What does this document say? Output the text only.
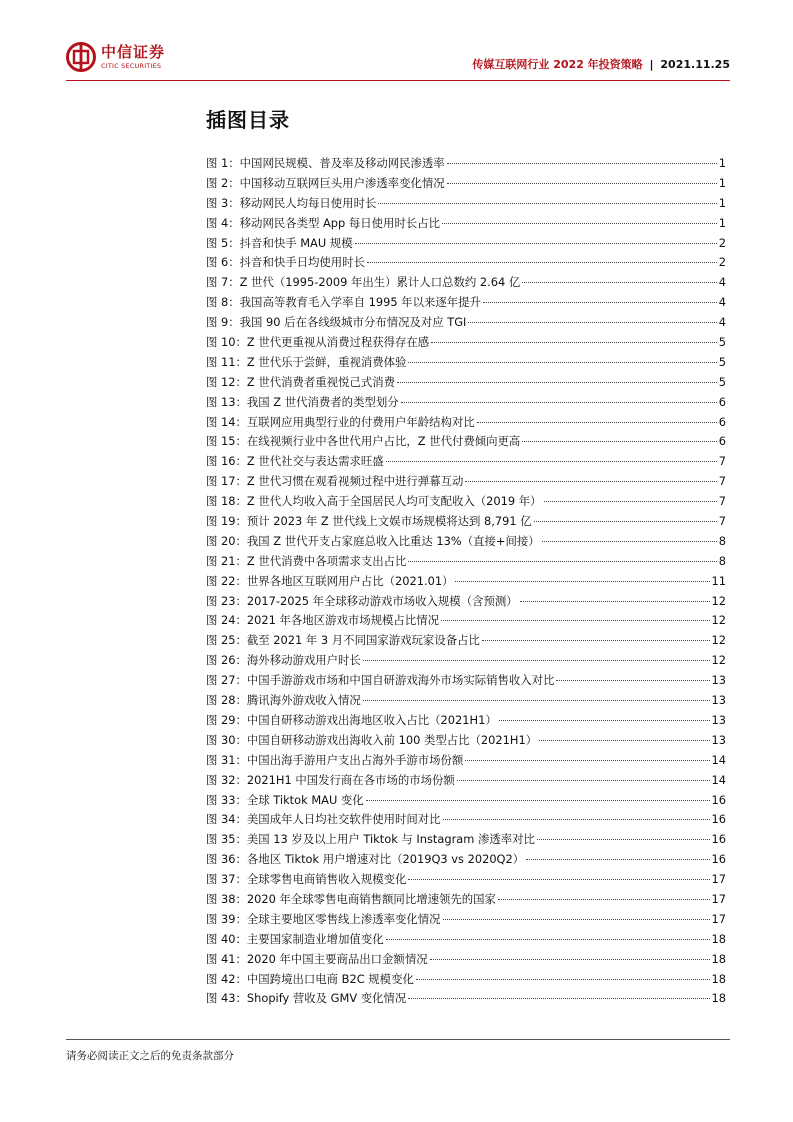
中信证券
CITIC SECURITIES	传媒互联网行业 2022 年投资策略 | 2021.11.25
插图目录
图 1： 中国网民规模、普及率及移动网民渗透率	1
图 2： 中国移动互联网巨头用户渗透率变化情况	1
图 3： 移动网民人均每日使用时长	1
图 4： 移动网民各类型 App 每日使用时长占比	1
图 5： 抖音和快手 MAU 规模	2
图 6： 抖音和快手日均使用时长	2
图 7： Z 世代（1995-2009 年出生）累计人口总数约 2.64 亿	4
图 8： 我国高等教育毛入学率自 1995 年以来逐年提升	4
图 9： 我国 90 后在各线级城市分布情况及对应 TGI	4
图 10： Z 世代更重视从消费过程获得存在感	5
图 11： Z 世代乐于尝鲜，重视消费体验	5
图 12： Z 世代消费者重视悦己式消费	5
图 13： 我国 Z 世代消费者的类型划分	6
图 14： 互联网应用典型行业的付费用户年龄结构对比	6
图 15： 在线视频行业中各世代用户占比，Z 世代付费倾向更高	6
图 16： Z 世代社交与表达需求旺盛	7
图 17： Z 世代习惯在观看视频过程中进行弹幕互动	7
图 18： Z 世代人均收入高于全国居民人均可支配收入（2019 年）	7
图 19： 预计 2023 年 Z 世代线上文娱市场规模将达到 8,791 亿	7
图 20： 我国 Z 世代开支占家庭总收入比重达 13%（直接+间接）	8
图 21： Z 世代消费中各项需求支出占比	8
图 22： 世界各地区互联网用户占比（2021.01）	11
图 23： 2017-2025 年全球移动游戏市场收入规模（含预测）	12
图 24： 2021 年各地区游戏市场规模占比情况	12
图 25： 截至 2021 年 3 月不同国家游戏玩家设备占比	12
图 26： 海外移动游戏用户时长	12
图 27： 中国手游游戏市场和中国自研游戏海外市场实际销售收入对比	13
图 28： 腾讯海外游戏收入情况	13
图 29： 中国自研移动游戏出海地区收入占比（2021H1）	13
图 30： 中国自研移动游戏出海收入前 100 类型占比（2021H1）	13
图 31： 中国出海手游用户支出占海外手游市场份额	14
图 32： 2021H1 中国发行商在各市场的市场份额	14
图 33： 全球 Tiktok MAU 变化	16
图 34： 美国成年人日均社交软件使用时间对比	16
图 35： 美国 13 岁及以上用户 Tiktok 与 Instagram 渗透率对比	16
图 36： 各地区 Tiktok 用户增速对比（2019Q3 vs 2020Q2）	16
图 37： 全球零售电商销售收入规模变化	17
图 38： 2020 年全球零售电商销售额同比增速领先的国家	17
图 39： 全球主要地区零售线上渗透率变化情况	17
图 40： 主要国家制造业增加值变化	18
图 41： 2020 年中国主要商品出口金额情况	18
图 42： 中国跨境出口电商 B2C 规模变化	18
图 43： Shopify 营收及 GMV 变化情况	18
请务必阅读正文之后的免责条款部分
